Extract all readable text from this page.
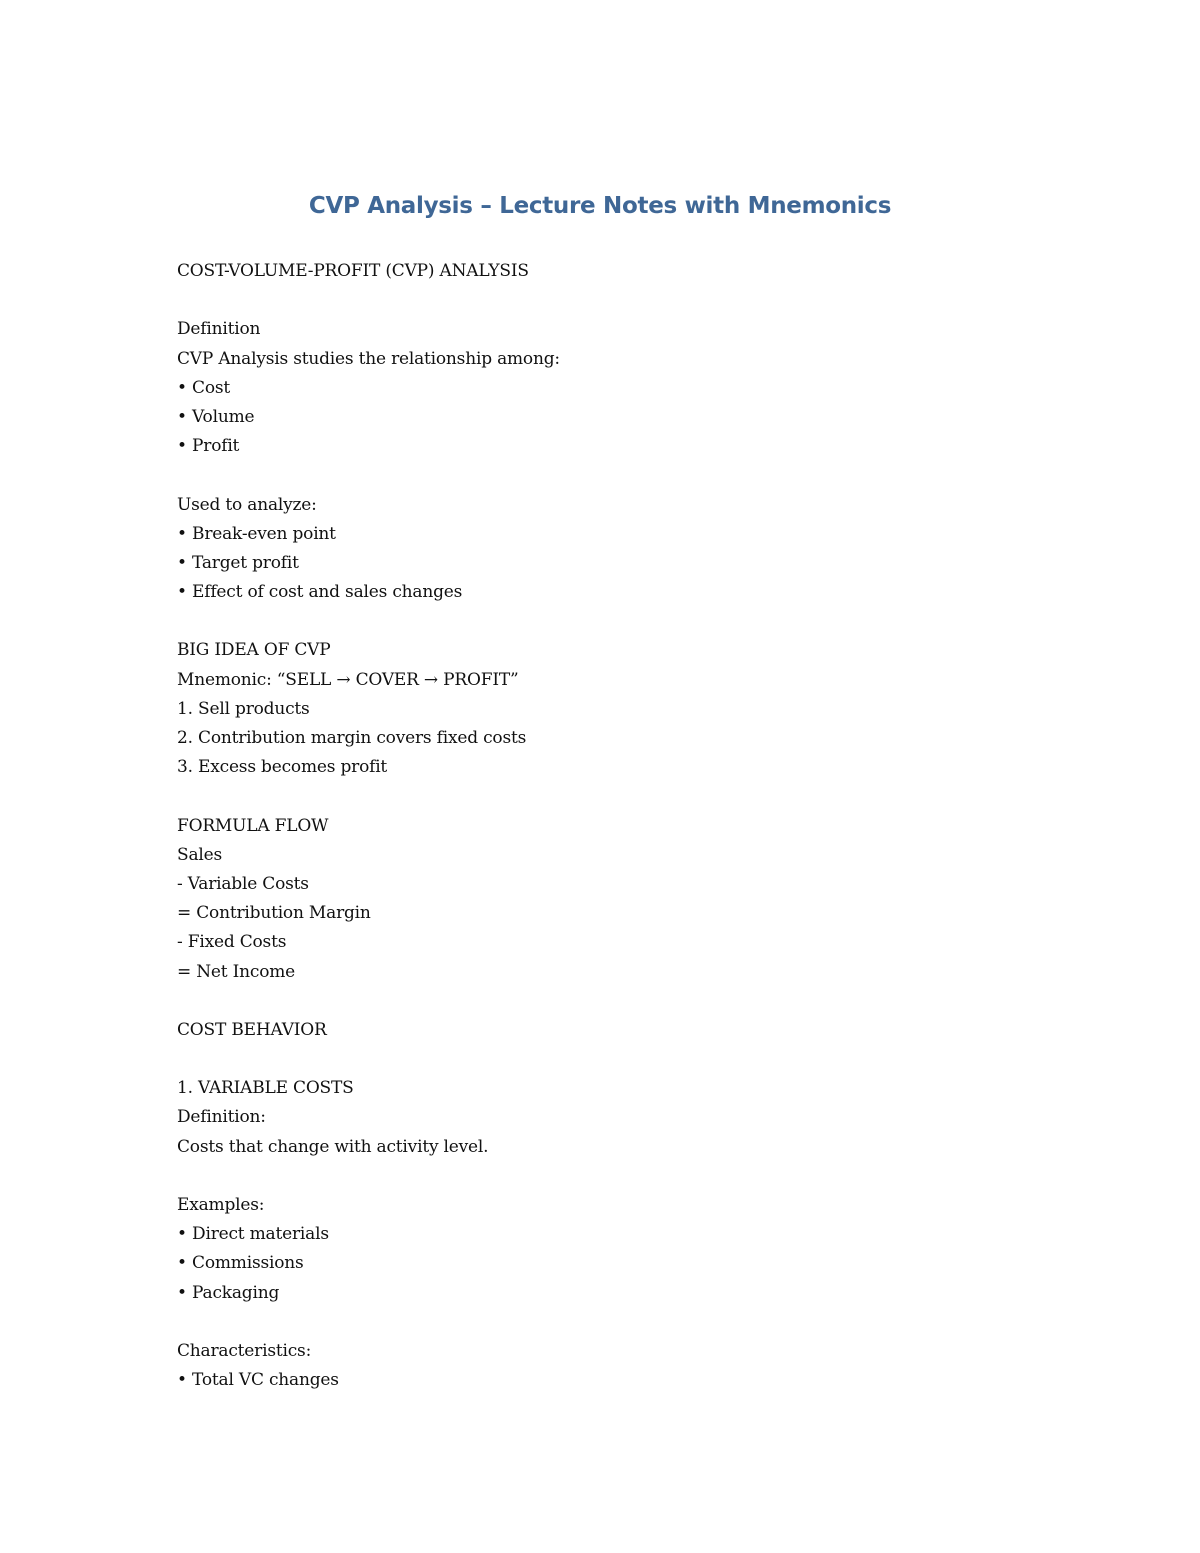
CVP Analysis – Lecture Notes with Mnemonics
COST-VOLUME-PROFIT (CVP) ANALYSIS
Definition
CVP Analysis studies the relationship among:
• Cost
• Volume
• Profit
Used to analyze:
• Break-even point
• Target profit
• Effect of cost and sales changes
BIG IDEA OF CVP
Mnemonic: “SELL → COVER → PROFIT”
1. Sell products
2. Contribution margin covers fixed costs
3. Excess becomes profit
FORMULA FLOW
Sales
- Variable Costs
= Contribution Margin
- Fixed Costs
= Net Income
COST BEHAVIOR
1. VARIABLE COSTS
Definition:
Costs that change with activity level.
Examples:
• Direct materials
• Commissions
• Packaging
Characteristics:
• Total VC changes
